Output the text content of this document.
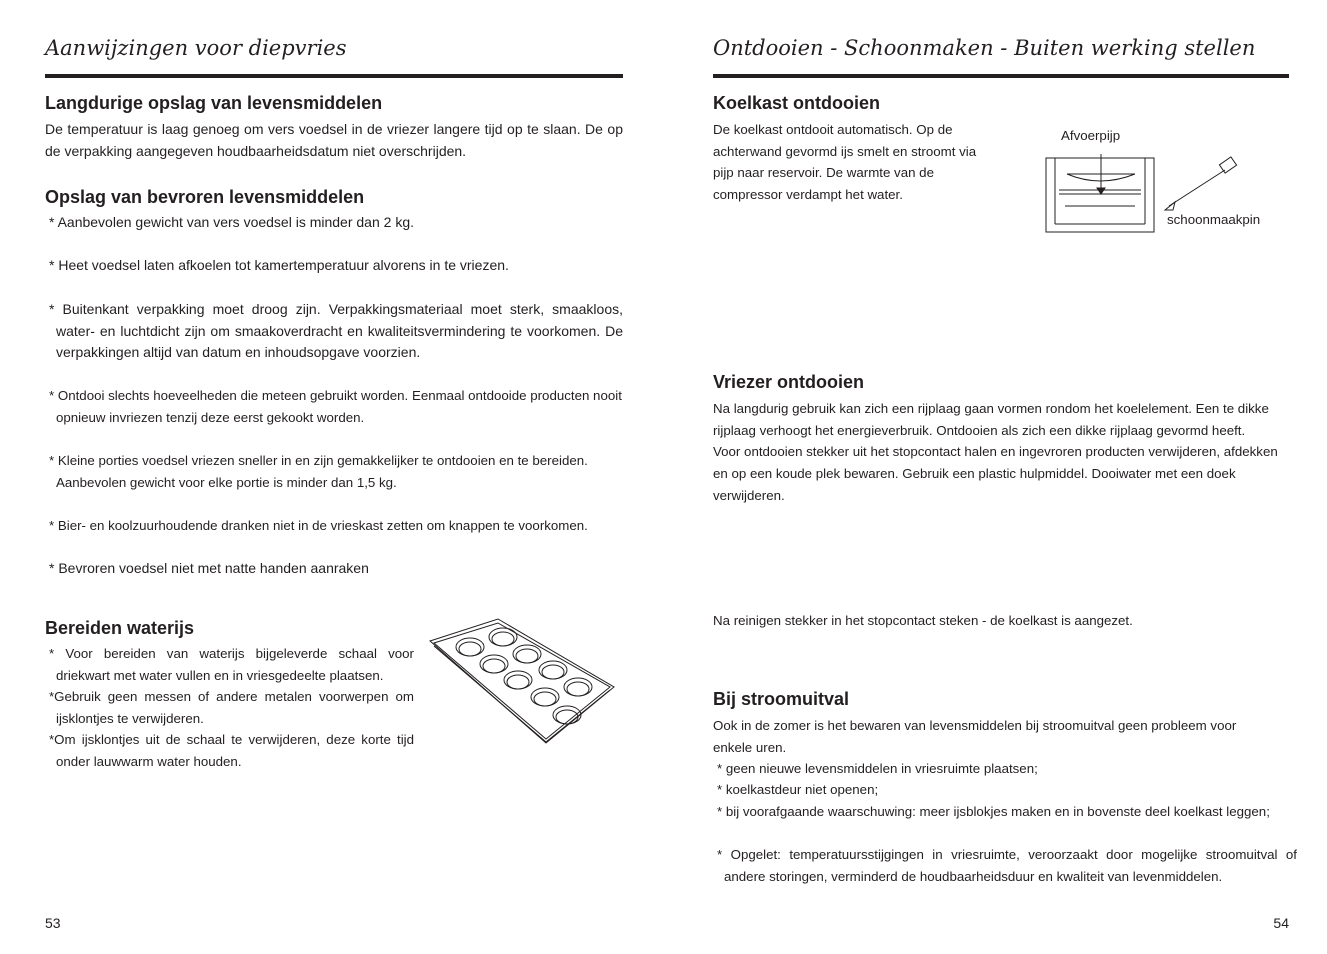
Aanwijzingen voor diepvries
Langdurige opslag van levensmiddelen

De temperatuur is laag genoeg om vers voedsel in de vriezer langere tijd op te slaan. De op de verpakking aangegeven houdbaarheidsdatum niet overschrijden.

Opslag van bevroren levensmiddelen
* Aanbevolen gewicht van vers voedsel is minder dan 2 kg.
* Heet voedsel laten afkoelen tot kamertemperatuur alvorens in te vriezen.
* Buitenkant verpakking moet droog zijn. Verpakkingsmateriaal moet sterk, smaakloos, water- en luchtdicht zijn om smaakoverdracht en kwaliteitsvermindering te voorkomen. De verpakkingen altijd van datum en inhoudsopgave voorzien.
* Ontdooi slechts hoeveelheden die meteen gebruikt worden. Eenmaal ontdooide producten nooit opnieuw invriezen tenzij deze eerst gekookt worden.
* Kleine porties voedsel vriezen sneller in en zijn gemakkelijker te ontdooien en te bereiden. Aanbevolen gewicht voor elke portie is minder dan 1,5 kg.
* Bier- en koolzuurhoudende dranken niet in de vrieskast zetten om knappen te voorkomen.
* Bevroren voedsel niet met natte handen aanraken
Bereiden waterijs
* Voor bereiden van waterijs bijgeleverde schaal voor driekwart met water vullen en in vriesgedeelte plaatsen.
*Gebruik geen messen of andere metalen voorwerpen om ijsklontjes te verwijderen.
*Om ijsklontjes uit de schaal te verwijderen, deze korte tijd onder lauwwarm water houden.
53
Ontdooien - Schoonmaken - Buiten werking stellen
Koelkast ontdooien

De koelkast ontdooit automatisch. Op de achterwand gevormd ijs smelt en stroomt via pijp naar reservoir. De warmte van de compressor verdampt het water.

Afvoerpijp
schoonmaakpin
Vriezer ontdooien

Na langdurig gebruik kan zich een rijplaag gaan vormen rondom het koelelement. Een te dikke rijplaag verhoogt het energieverbruik. Ontdooien als zich een dikke rijplaag gevormd heeft.

Voor ontdooien stekker uit het stopcontact halen en ingevroren producten verwijderen, afdekken en op een koude plek bewaren. Gebruik een plastic hulpmiddel. Dooiwater met een doek verwijderen.

Na reinigen stekker in het stopcontact steken - de koelkast is aangezet.
Bij stroomuitval

Ook in de zomer is het bewaren van levensmiddelen bij stroomuitval geen probleem voor enkele uren.

* geen nieuwe levensmiddelen in vriesruimte plaatsen;
* koelkastdeur niet openen;
* bij voorafgaande waarschuwing: meer ijsblokjes maken en in bovenste deel koelkast leggen;
* Opgelet: temperatuursstijgingen in vriesruimte, veroorzaakt door mogelijke stroomuitval of andere storingen, verminderd de houdbaarheidsduur en kwaliteit van levenmiddelen.
54
